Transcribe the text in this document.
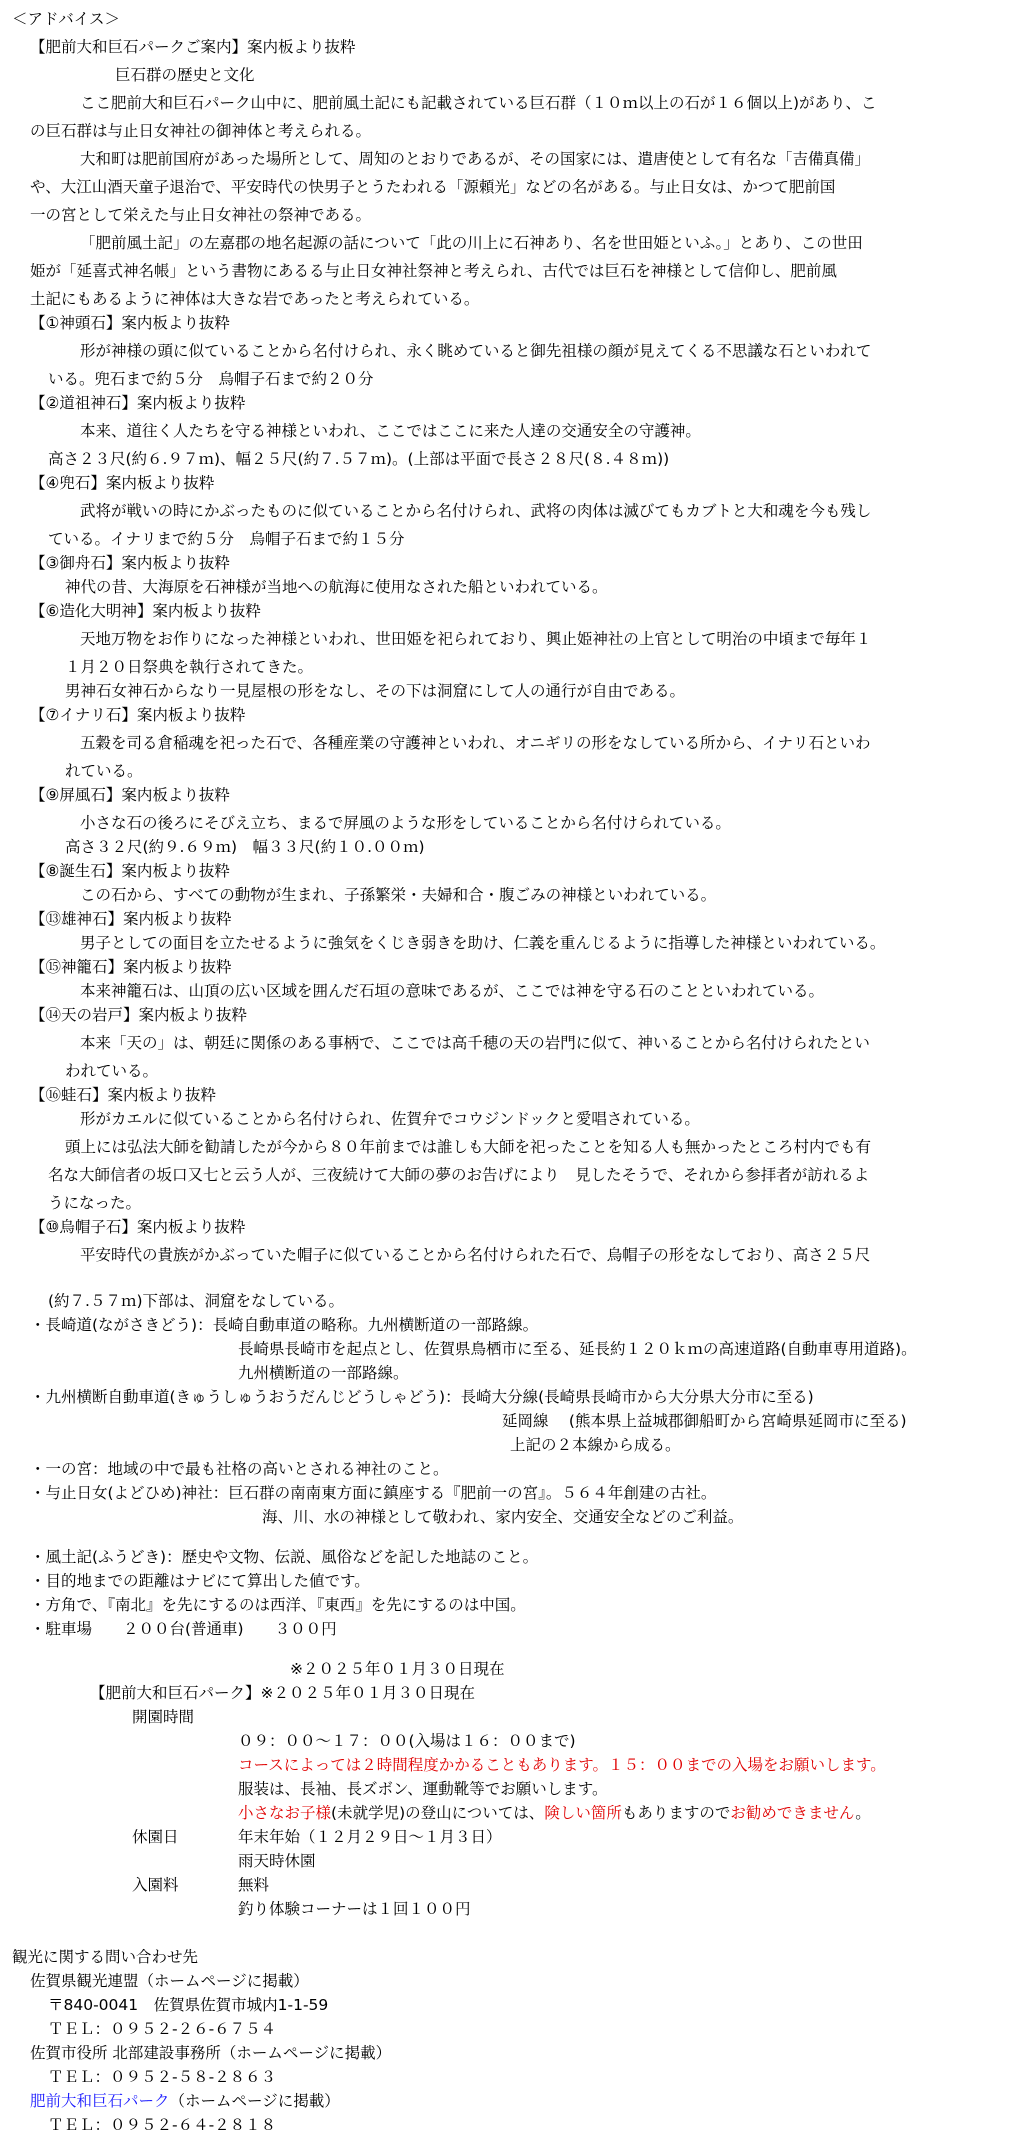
＜アドバイス＞
【肥前大和巨石パークご案内】案内板より抜粋
巨石群の歴史と文化
ここ肥前大和巨石パーク山中に、肥前風土記にも記載されている巨石群（１０ｍ以上の石が１６個以上)があり、こ
の巨石群は与止日女神社の御神体と考えられる。
大和町は肥前国府があった場所として、周知のとおりであるが、その国家には、遣唐使として有名な「吉備真備」
や、大江山酒天童子退治で、平安時代の快男子とうたわれる「源頼光」などの名がある。与止日女は、かつて肥前国
一の宮として栄えた与止日女神社の祭神である。
「肥前風土記」の左嘉郡の地名起源の話について「此の川上に石神あり、名を世田姫といふ。」とあり、この世田
姫が「延喜式神名帳」という書物にあるる与止日女神社祭神と考えられ、古代では巨石を神様として信仰し、肥前風
土記にもあるように神体は大きな岩であったと考えられている。
【①神頭石】案内板より抜粋
形が神様の頭に似ていることから名付けられ、永く眺めていると御先祖様の顔が見えてくる不思議な石といわれて
いる。兜石まで約５分　烏帽子石まで約２０分
【②道祖神石】案内板より抜粋
本来、道往く人たちを守る神様といわれ、ここではここに来た人達の交通安全の守護神。
高さ２３尺(約６.９７ｍ)、幅２５尺(約７.５７ｍ)。(上部は平面で長さ２８尺(８.４８ｍ))
【④兜石】案内板より抜粋
武将が戦いの時にかぶったものに似ていることから名付けられ、武将の肉体は滅びてもカブトと大和魂を今も残し
ている。イナリまで約５分　烏帽子石まで約１５分
【③御舟石】案内板より抜粋
神代の昔、大海原を石神様が当地への航海に使用なされた船といわれている。
【⑥造化大明神】案内板より抜粋
天地万物をお作りになった神様といわれ、世田姫を祀られており、興止姫神社の上官として明治の中頃まで毎年１
１月２０日祭典を執行されてきた。
男神石女神石からなり一見屋根の形をなし、その下は洞窟にして人の通行が自由である。
【⑦イナリ石】案内板より抜粋
五穀を司る倉稲魂を祀った石で、各種産業の守護神といわれ、オニギリの形をなしている所から、イナリ石といわ
れている。
【⑨屏風石】案内板より抜粋
小さな石の後ろにそびえ立ち、まるで屏風のような形をしていることから名付けられている。
高さ３２尺(約９.６９ｍ)　幅３３尺(約１０.００ｍ)
【⑧誕生石】案内板より抜粋
この石から、すべての動物が生まれ、子孫繁栄・夫婦和合・腹ごみの神様といわれている。
【⑬雄神石】案内板より抜粋
男子としての面目を立たせるように強気をくじき弱きを助け、仁義を重んじるように指導した神様といわれている。
【⑮神籠石】案内板より抜粋
本来神籠石は、山頂の広い区域を囲んだ石垣の意味であるが、ここでは神を守る石のことといわれている。
【⑭天の岩戸】案内板より抜粋
本来「天の」は、朝廷に関係のある事柄で、ここでは高千穂の天の岩門に似て、神いることから名付けられたとい
われている。
【⑯蛙石】案内板より抜粋
形がカエルに似ていることから名付けられ、佐賀弁でコウジンドックと愛唱されている。
頭上には弘法大師を勧請したが今から８０年前までは誰しも大師を祀ったことを知る人も無かったところ村内でも有
名な大師信者の坂口又七と云う人が、三夜続けて大師の夢のお告げにより　見したそうで、それから参拝者が訪れるよ
うになった。
【⑩烏帽子石】案内板より抜粋
平安時代の貴族がかぶっていた帽子に似ていることから名付けられた石で、烏帽子の形をなしており、高さ２５尺
(約７.５７ｍ)下部は、洞窟をなしている。
・長崎道(ながさきどう)：長崎自動車道の略称。九州横断道の一部路線。
長崎県長崎市を起点とし、佐賀県鳥栖市に至る、延長約１２０ｋｍの高速道路(自動車専用道路)。
九州横断道の一部路線。
・九州横断自動車道(きゅうしゅうおうだんじどうしゃどう)：長崎大分線(長崎県長崎市から大分県大分市に至る)
延岡線　 (熊本県上益城郡御船町から宮崎県延岡市に至る)
上記の２本線から成る。
・一の宮：地域の中で最も社格の高いとされる神社のこと。
・与止日女(よどひめ)神社：巨石群の南南東方面に鎮座する『肥前一の宮』。５６４年創建の古社。
海、川、水の神様として敬われ、家内安全、交通安全などのご利益。
・風土記(ふうどき)：歴史や文物、伝説、風俗などを記した地誌のこと。
・目的地までの距離はナビにて算出した値です。
・方角で、『南北』を先にするのは西洋、『東西』を先にするのは中国。
・駐車場　　２００台(普通車)　　３００円
※２０２５年０１月３０日現在
【肥前大和巨石パーク】※２０２５年０１月３０日現在
開園時間
０９：００～１７：００(入場は１６：００まで)
コースによっては２時間程度かかることもあります。１５：００までの入場をお願いします。
服装は、長袖、長ズボン、運動靴等でお願いします。
小さなお子様(未就学児)の登山については、険しい箇所もありますのでお勧めできません。
休園日	年末年始（１２月２９日～１月３日）
雨天時休園
入園料	無料
釣り体験コーナーは１回１００円
観光に関する問い合わせ先
佐賀県観光連盟（ホームページに掲載）
〒840-0041　佐賀県佐賀市城内1-1-59
ＴＥＬ：０９５２-２６-６７５４
佐賀市役所 北部建設事務所（ホームページに掲載）
ＴＥＬ：０９５２-５８-２８６３
肥前大和巨石パーク（ホームページに掲載）
ＴＥＬ：０９５２-６４-２８１８
